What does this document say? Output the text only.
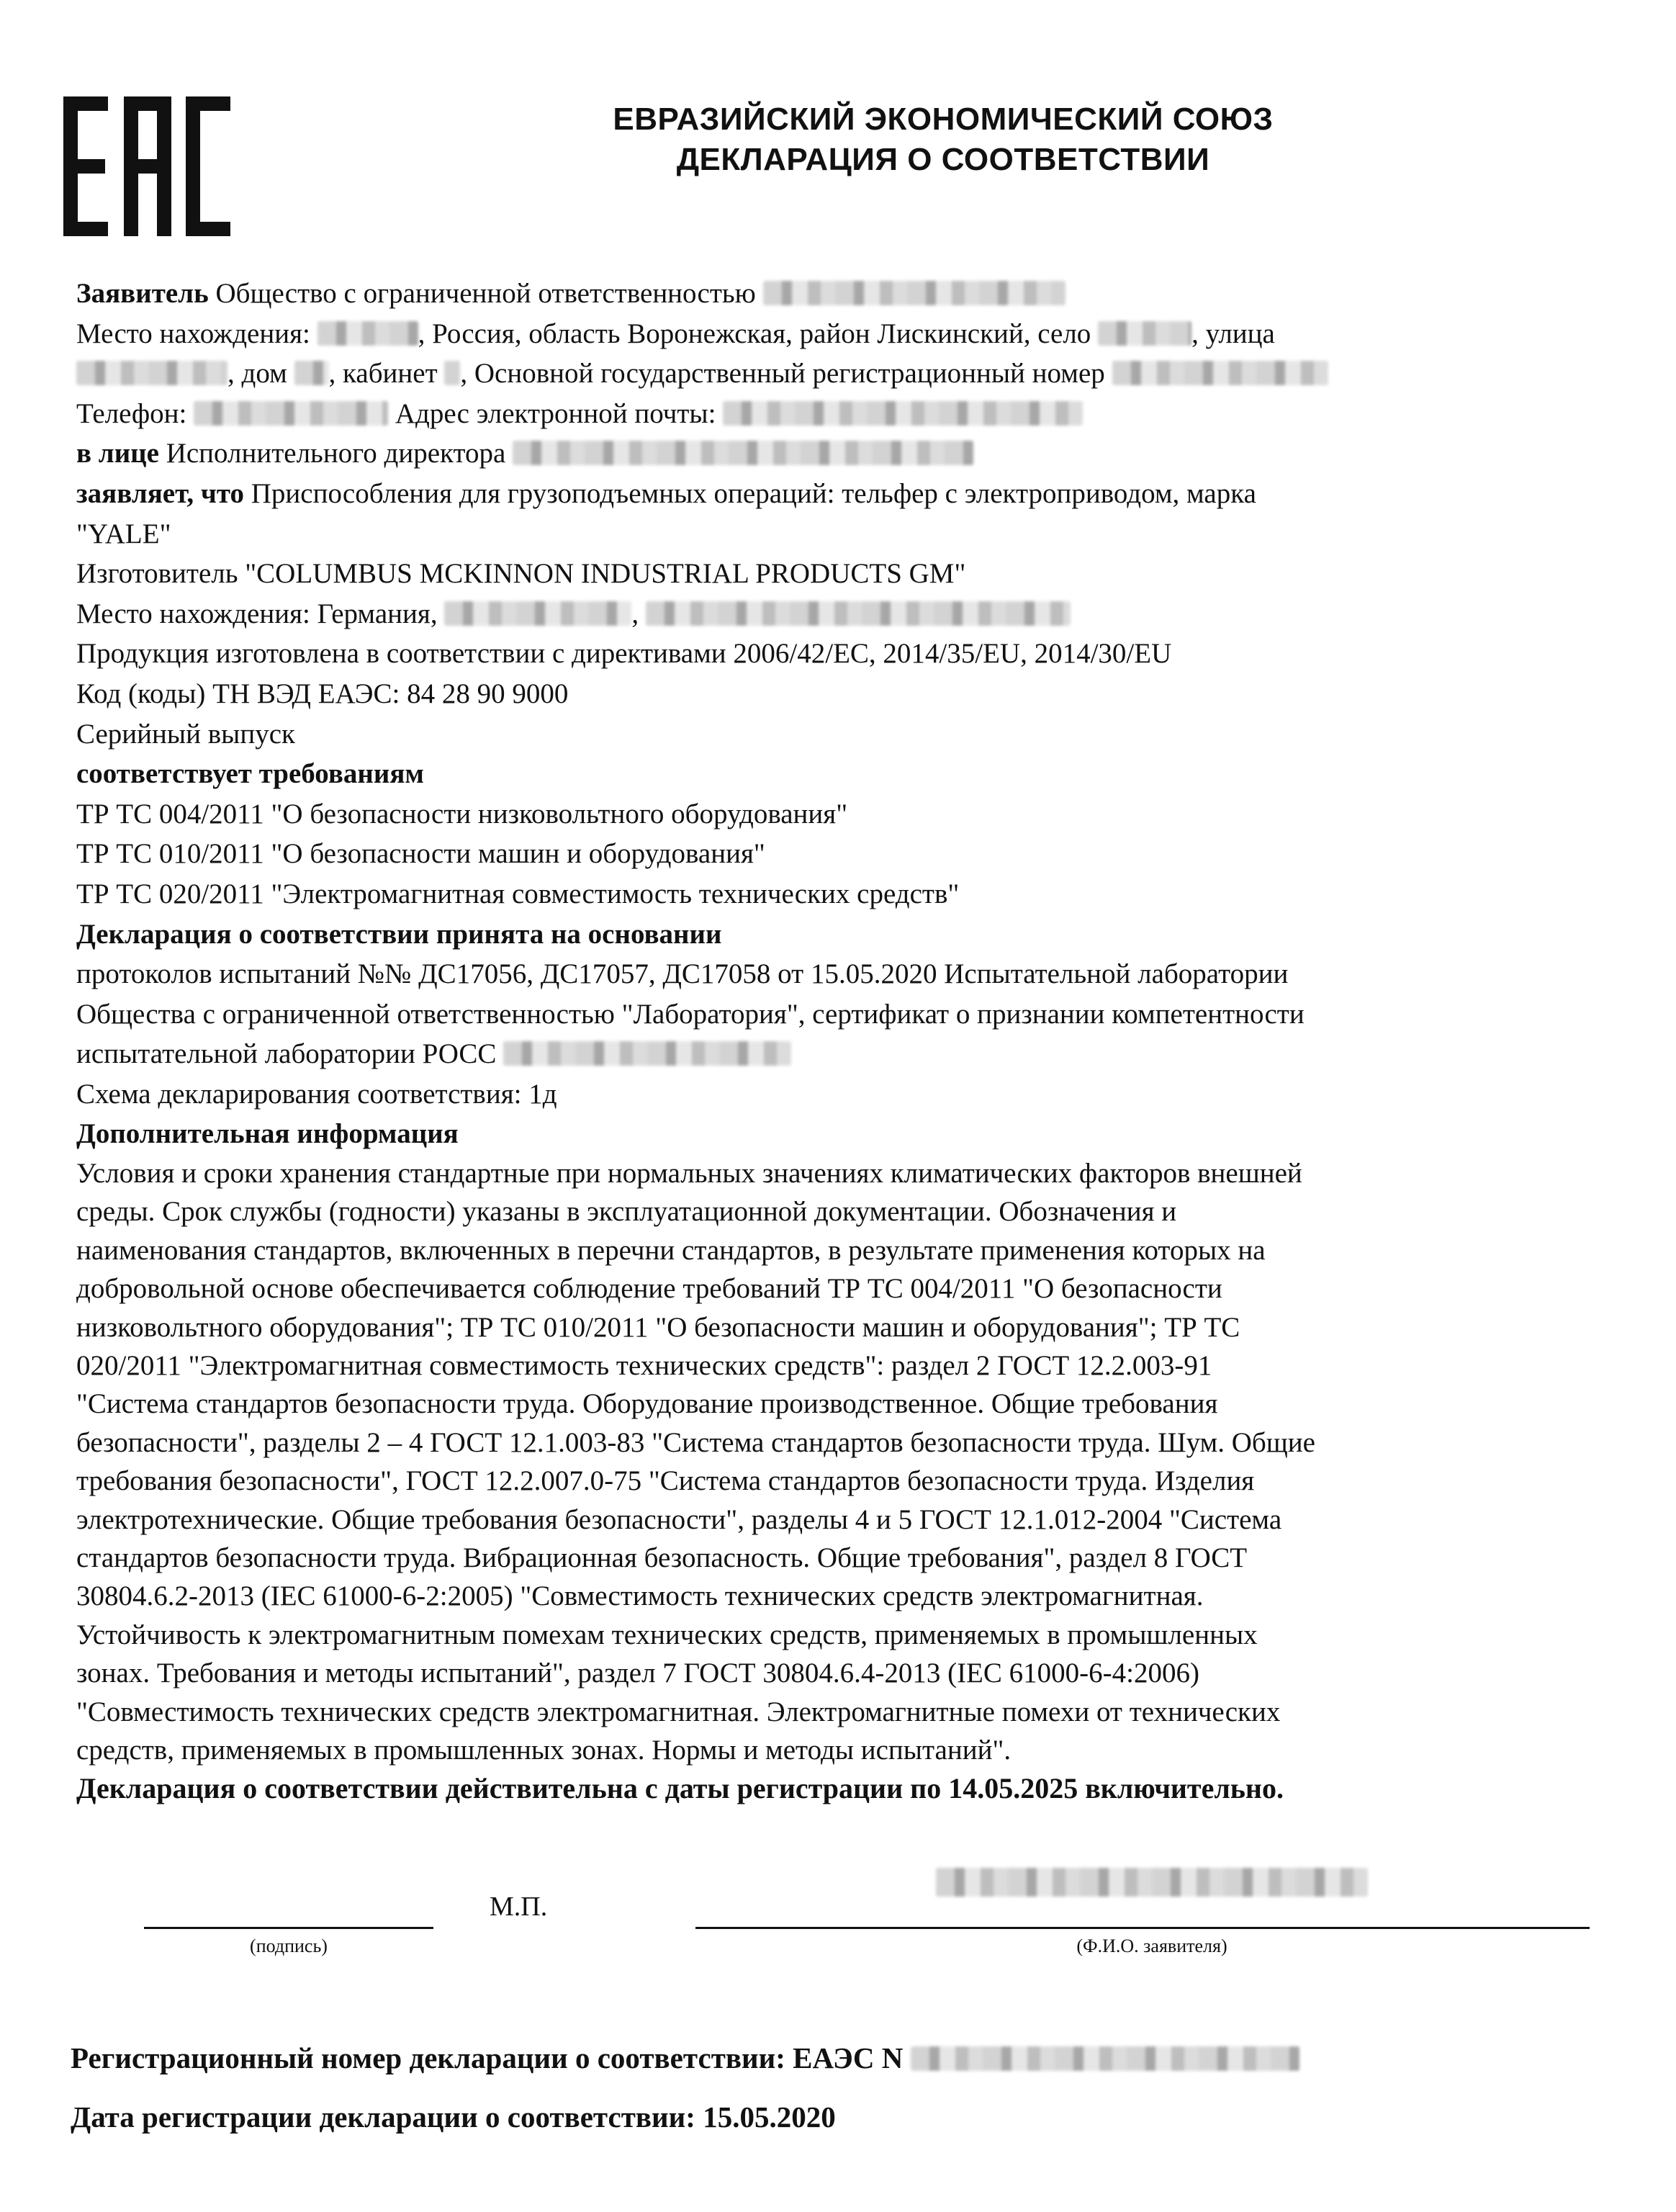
ЕВРАЗИЙСКИЙ ЭКОНОМИЧЕСКИЙ СОЮЗ
ДЕКЛАРАЦИЯ О СООТВЕТСТВИИ
Заявитель Общество с ограниченной ответственностью
Место нахождения:	, Россия, область Воронежская, район Лискинский, село	, улица
, дом , кабинет , Основной государственный регистрационный номер
Телефон:	Адрес электронной почты:
в лице Исполнительного директора
заявляет, что Приспособления для грузоподъемных операций: тельфер с электроприводом, марка
"YALE"
Изготовитель "COLUMBUS MCKINNON INDUSTRIAL PRODUCTS GM"
Место нахождения: Германия,	,
Продукция изготовлена в соответствии с директивами 2006/42/EC, 2014/35/EU, 2014/30/EU
Код (коды) ТН ВЭД ЕАЭС: 84 28 90 9000
Серийный выпуск
соответствует требованиям
ТР ТС 004/2011 "О безопасности низковольтного оборудования"
ТР ТС 010/2011 "О безопасности машин и оборудования"
ТР ТС 020/2011 "Электромагнитная совместимость технических средств"
Декларация о соответствии принята на основании
протоколов испытаний №№ ДС17056, ДС17057, ДС17058 от 15.05.2020 Испытательной лаборатории
Общества с ограниченной ответственностью "Лаборатория", сертификат о признании компетентности
испытательной лаборатории РОСС
Схема декларирования соответствия: 1д
Дополнительная информация
Условия и сроки хранения стандартные при нормальных значениях климатических факторов внешней
среды. Срок службы (годности) указаны в эксплуатационной документации. Обозначения и
наименования стандартов, включенных в перечни стандартов, в результате применения которых на
добровольной основе обеспечивается соблюдение требований ТР ТС 004/2011 "О безопасности
низковольтного оборудования"; ТР ТС 010/2011 "О безопасности машин и оборудования"; ТР ТС
020/2011 "Электромагнитная совместимость технических средств": раздел 2 ГОСТ 12.2.003-91
"Система стандартов безопасности труда. Оборудование производственное. Общие требования
безопасности", разделы 2 – 4 ГОСТ 12.1.003-83 "Система стандартов безопасности труда. Шум. Общие
требования безопасности", ГОСТ 12.2.007.0-75 "Система стандартов безопасности труда. Изделия
электротехнические. Общие требования безопасности", разделы 4 и 5 ГОСТ 12.1.012-2004 "Система
стандартов безопасности труда. Вибрационная безопасность. Общие требования", раздел 8 ГОСТ
30804.6.2-2013 (IEC 61000-6-2:2005) "Совместимость технических средств электромагнитная.
Устойчивость к электромагнитным помехам технических средств, применяемых в промышленных
зонах. Требования и методы испытаний", раздел 7 ГОСТ 30804.6.4-2013 (IEC 61000-6-4:2006)
"Совместимость технических средств электромагнитная. Электромагнитные помехи от технических
средств, применяемых в промышленных зонах. Нормы и методы испытаний".
Декларация о соответствии действительна с даты регистрации по 14.05.2025 включительно.
(подпись)
М.П.
(Ф.И.О. заявителя)
Регистрационный номер декларации о соответствии: ЕАЭС N
Дата регистрации декларации о соответствии: 15.05.2020
